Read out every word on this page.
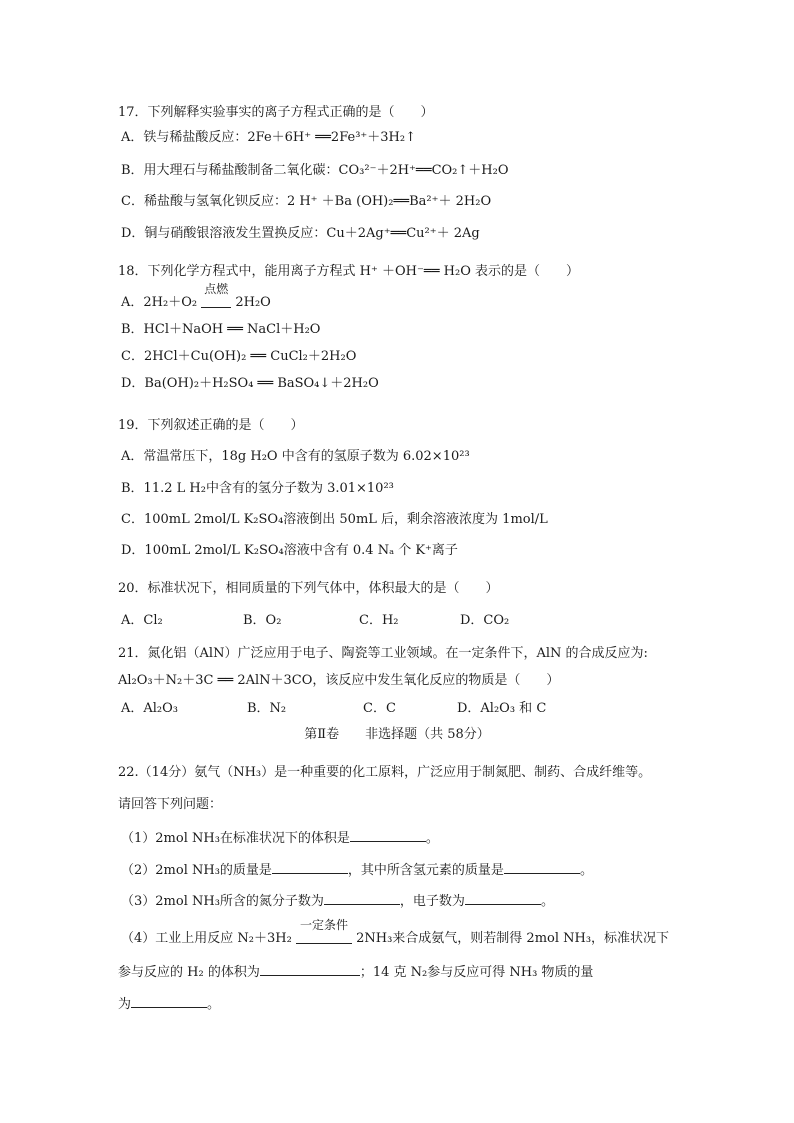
17．下列解释实验事实的离子方程式正确的是（　　）
A．铁与稀盐酸反应：2Fe＋6H⁺ ══2Fe³⁺＋3H₂↑
B．用大理石与稀盐酸制备二氧化碳：CO₃²⁻＋2H⁺══CO₂↑＋H₂O
C．稀盐酸与氢氧化钡反应：2 H⁺ ＋Ba (OH)₂══Ba²⁺＋ 2H₂O
D．铜与硝酸银溶液发生置换反应：Cu＋2Ag⁺══Cu²⁺＋ 2Ag
18．下列化学方程式中，能用离子方程式 H⁺ ＋OH⁻══ H₂O 表示的是（　　）
A．2H₂＋O₂
点燃
2H₂O
B．HCl＋NaOH ══ NaCl＋H₂O
C．2HCl＋Cu(OH)₂ ══ CuCl₂＋2H₂O
D．Ba(OH)₂＋H₂SO₄ ══ BaSO₄↓＋2H₂O
19．下列叙述正确的是（　　）
A．常温常压下，18g H₂O 中含有的氢原子数为 6.02×10²³
B．11.2 L H₂中含有的氢分子数为 3.01×10²³
C．100mL 2mol/L K₂SO₄溶液倒出 50mL 后，剩余溶液浓度为 1mol/L
D．100mL 2mol/L K₂SO₄溶液中含有 0.4 Nₐ 个 K⁺离子
20．标准状况下，相同质量的下列气体中，体积最大的是（　　）
A．Cl₂	B．O₂	C．H₂	D．CO₂
21．氮化铝（AlN）广泛应用于电子、陶瓷等工业领域。在一定条件下，AlN 的合成反应为:
Al₂O₃＋N₂＋3C ══ 2AlN＋3CO，该反应中发生氧化反应的物质是（　　）
A．Al₂O₃	B．N₂	C．C	D．Al₂O₃ 和 C
第Ⅱ卷　　非选择题（共 58分）
22.（14分）氨气（NH₃）是一种重要的化工原料，广泛应用于制氮肥、制药、合成纤维等。
请回答下列问题：
（1）2mol NH₃在标准状况下的体积是	。
（2）2mol NH₃的质量是	，其中所含氢元素的质量是	。
（3）2mol NH₃所含的氮分子数为	，电子数为	。
（4）工业上用反应 N₂＋3H₂
一定条件
2NH₃来合成氨气，则若制得 2mol NH₃，标准状况下
参与反应的 H₂ 的体积为	；14 克 N₂参与反应可得 NH₃ 物质的量
为	。
